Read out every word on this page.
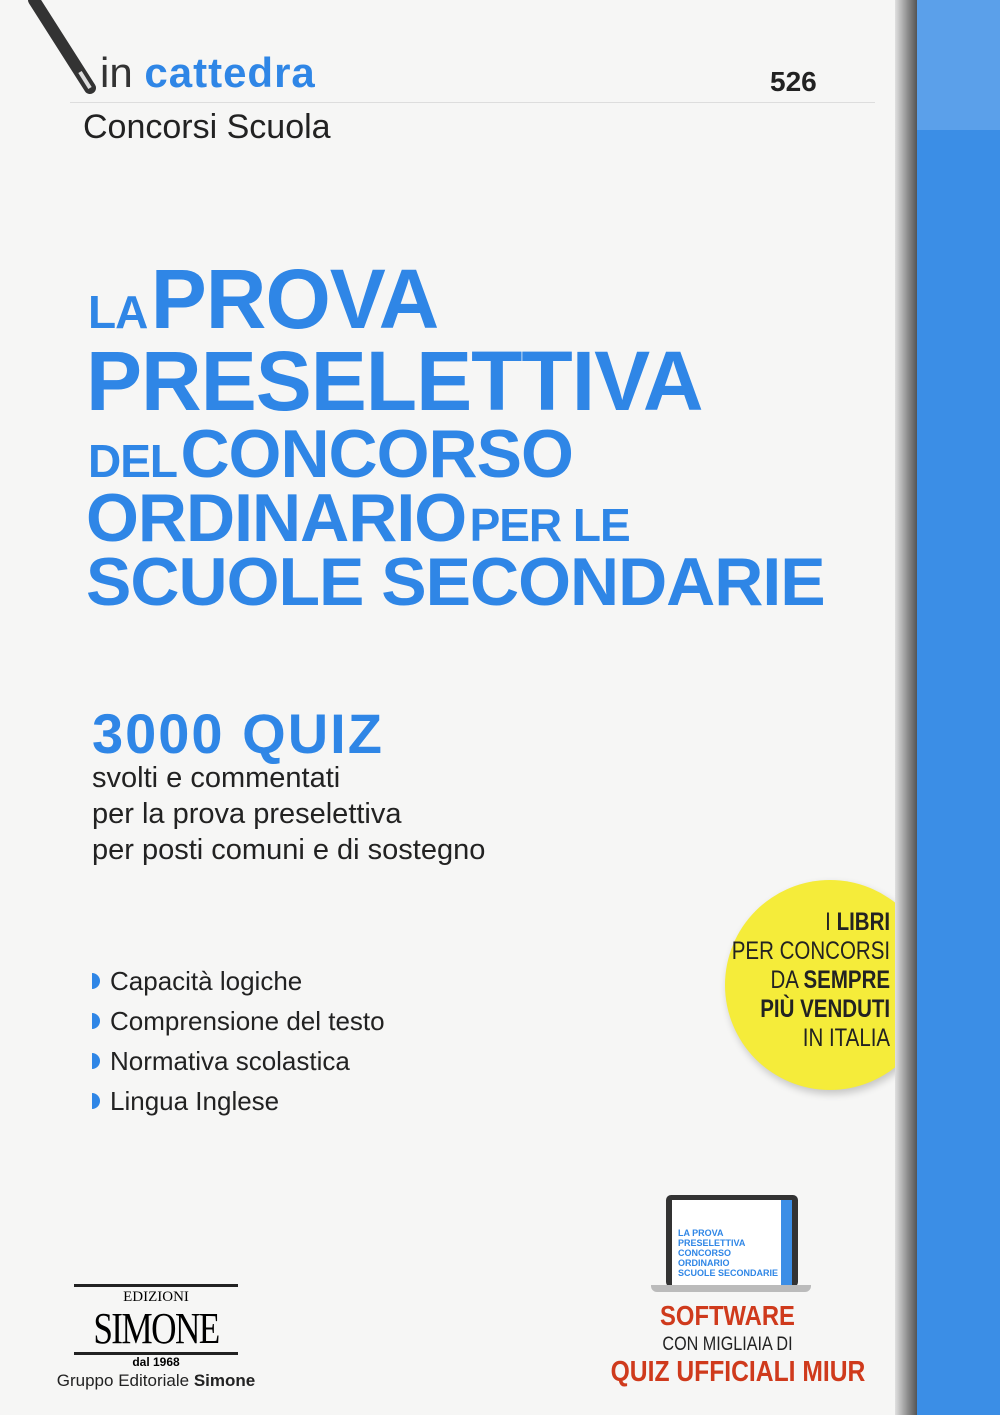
in cattedra	526
Concorsi Scuola
LA PROVA
PRESELETTIVA
DEL CONCORSO
ORDINARIO PER LE
SCUOLE SECONDARIE
3000 QUIZ
svolti e commentati
per la prova preselettiva
per posti comuni e di sostegno
Capacità logiche
Comprensione del testo
Normativa scolastica
Lingua Inglese
I LIBRI
PER CONCORSI
DA SEMPRE
PIÙ VENDUTI
IN ITALIA
EDIZIONI
SIMONE
dal 1968
Gruppo Editoriale Simone
LA PROVA
PRESELETTIVA
CONCORSO
ORDINARIO
SCUOLE SECONDARIE
SOFTWARE
CON MIGLIAIA DI
QUIZ UFFICIALI MIUR
